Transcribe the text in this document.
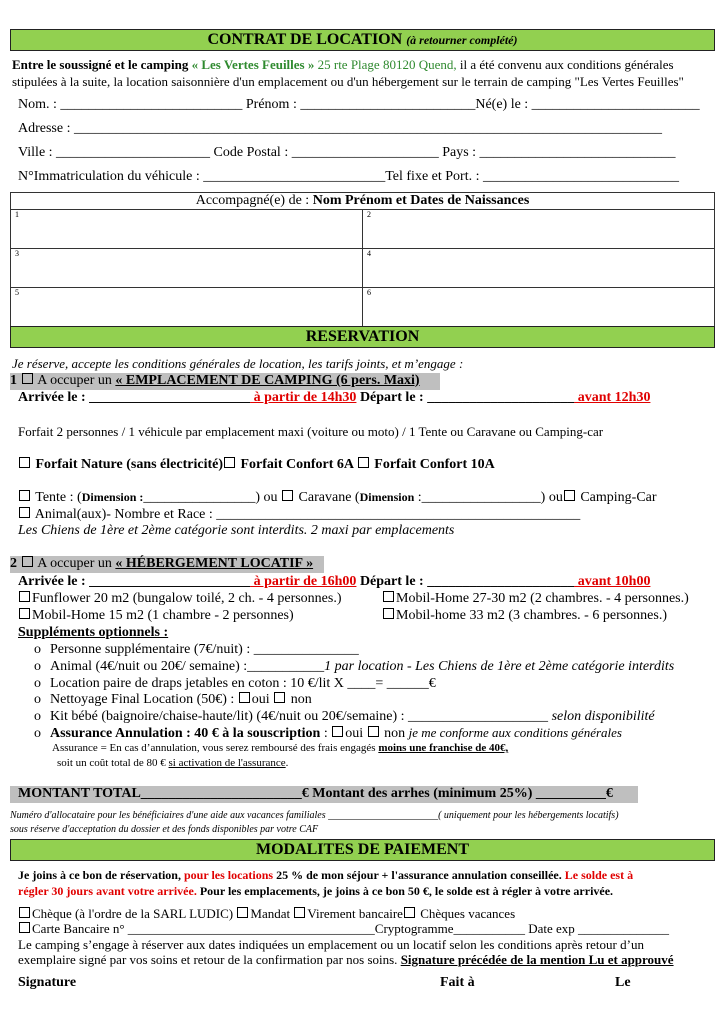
CONTRAT DE LOCATION (à retourner complété)
Entre le soussigné et le camping « Les Vertes Feuilles » 25 rte Plage 80120 Quend, il a été convenu aux conditions générales
stipulées à la suite, la location saisonnière d'un emplacement ou d'un hébergement sur le terrain de camping "Les Vertes Feuilles"
Nom. : __________________________ Prénom : _________________________Né(e) le : ________________________
Adresse : ____________________________________________________________________________________
Ville : ______________________ Code Postal : _____________________ Pays : ____________________________
N°Immatriculation du véhicule : __________________________Tel fixe et Port. : ____________________________
Accompagné(e) de : Nom Prénom et Dates de Naissances	
1	2
3	4
5	6
RESERVATION
Je réserve, accepte les conditions générales de location, les tarifs joints, et m’engage :
1  A occuper un « EMPLACEMENT DE CAMPING (6 pers. Maxi)
Arrivée le : _______________________ à partir de 14h30 Départ le : _____________________ avant 12h30
Forfait 2 personnes / 1 véhicule par emplacement maxi (voiture ou moto) / 1 Tente ou Caravane ou Camping-car
Forfait Nature (sans électricité) Forfait Confort 6A Forfait Confort 10A
Tente : (Dimension :________________) ou  Caravane (Dimension :_________________) ou Camping-Car
Animal(aux)- Nombre et Race : ____________________________________________________
Les Chiens de 1ère et 2ème catégorie sont interdits. 2 maxi par emplacements
2  A occuper un « HÉBERGEMENT LOCATIF »
Arrivée le : _______________________ à partir de 16h00 Départ le : _____________________ avant 10h00
Funflower 20 m2 (bungalow toilé, 2 ch. - 4 personnes.)	Mobil-Home 27-30 m2 (2 chambres. - 4 personnes.)
Mobil-Home 15 m2 (1 chambre - 2 personnes)	Mobil-home 33 m2 (3 chambres. - 6 personnes.)
Suppléments optionnels :
o Personne supplémentaire (7€/nuit) : _______________
o Animal (4€/nuit ou 20€/ semaine) :___________1 par location - Les Chiens de 1ère et 2ème catégorie interdits
o Location paire de draps jetables en coton : 10 €/lit X ____= ______€
o Nettoyage Final Location (50€) : oui  non
o Kit bébé (baignoire/chaise-haute/lit) (4€/nuit ou 20€/semaine) : ____________________ selon disponibilité
o Assurance Annulation : 40 € à la souscription : oui  non je me conforme aux conditions générales
Assurance = En cas d’annulation, vous serez remboursé des frais engagés moins une franchise de 40€,
soit un coût total de 80 € si activation de l'assurance.
MONTANT TOTAL_______________________€ Montant des arrhes (minimum 25%) __________€
Numéro d'allocataire pour les bénéficiaires d'une aide aux vacances familiales ______________________( uniquement pour les hébergements locatifs)
sous réserve d'acceptation du dossier et des fonds disponibles par votre CAF
MODALITES DE PAIEMENT
Je joins à ce bon de réservation, pour les locations 25 % de mon séjour + l'assurance annulation conseillée. Le solde est à
régler 30 jours avant votre arrivée. Pour les emplacements, je joins à ce bon 50 €, le solde est à régler à votre arrivée.
Chèque (à l'ordre de la SARL LUDIC) Mandat Virement bancaire Chèques vacances
Carte Bancaire n° ______________________________________Cryptogramme___________ Date exp ______________
Le camping s’engage à réserver aux dates indiquées un emplacement ou un locatif selon les conditions après retour d’un
exemplaire signé par vos soins et retour de la confirmation par nos soins. Signature précédée de la mention Lu et approuvé
Signature	Fait à	Le
